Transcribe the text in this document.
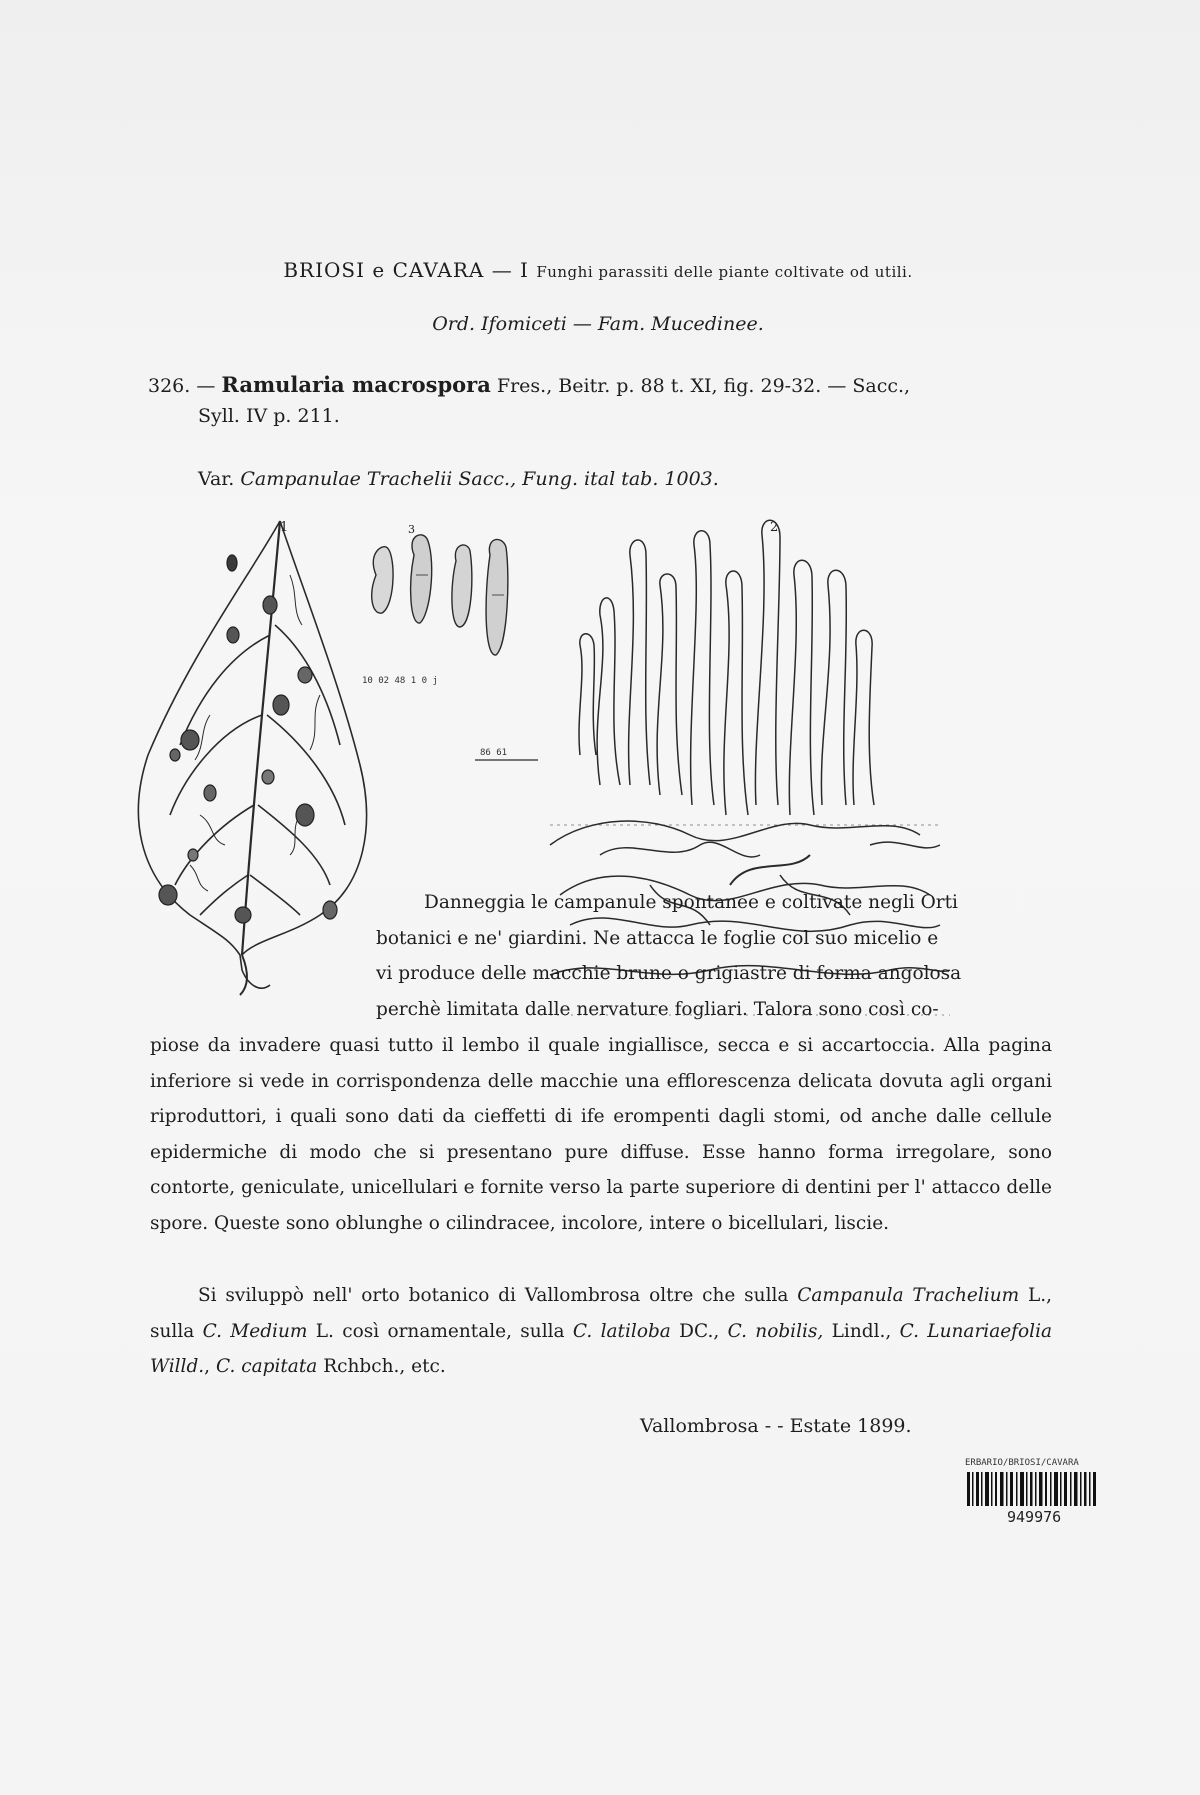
BRIOSI e CAVARA — I Funghi parassiti delle piante coltivate od utili.
Ord. Ifomiceti — Fam. Mucedinee.
326. — Ramularia macrospora Fres., Beitr. p. 88 t. XI, fig. 29-32. — Sacc.,
Syll. IV p. 211.
Var. Campanulae Trachelii Sacc., Fung. ital tab. 1003.
1	3	2
10 02 48 1 0 j
86 61
Danneggia le campanule spontanee e coltivate negli Orti
botanici e ne' giardini. Ne attacca le foglie col suo micelio e
vi produce delle macchie brune o grigiastre di forma angolosa
perchè limitata dalle nervature fogliari. Talora sono così co-
piose da invadere quasi tutto il lembo il quale ingiallisce, secca e si accartoccia. Alla pagina inferiore si vede in corrispondenza delle macchie una efflorescenza delicata dovuta agli organi riproduttori, i quali sono dati da cieffetti di ife erompenti dagli stomi, od anche dalle cellule epidermiche di modo che si presentano pure diffuse. Esse hanno forma irregolare, sono contorte, geniculate, unicellulari e fornite verso la parte superiore di dentini per l' attacco delle spore. Queste sono oblunghe o cilindracee, incolore, intere o bicellulari, liscie.
Si sviluppò nell' orto botanico di Vallombrosa oltre che sulla Campanula Trachelium L., sulla C. Medium L. così ornamentale, sulla C. latiloba DC., C. nobilis, Lindl., C. Lunariaefolia Willd., C. capitata Rchbch., etc.
Vallombrosa - - Estate 1899.
ERBARIO/BRIOSI/CAVARA
949976
